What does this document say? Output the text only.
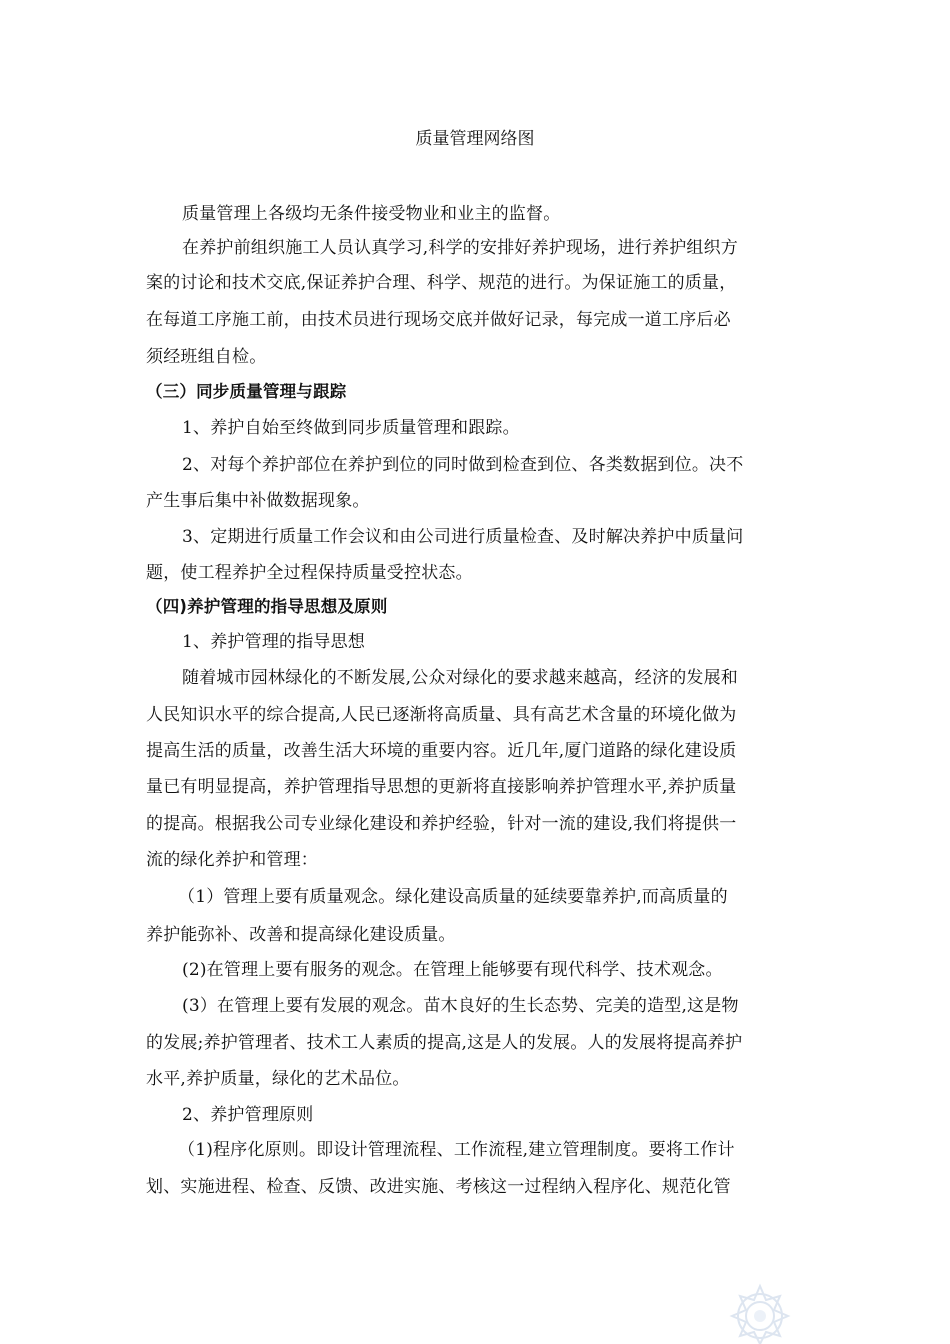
质量管理网络图
质量管理上各级均无条件接受物业和业主的监督。
在养护前组织施工人员认真学习,科学的安排好养护现场，进行养护组织方
案的讨论和技术交底,保证养护合理、科学、规范的进行。为保证施工的质量，
在每道工序施工前，由技术员进行现场交底并做好记录，每完成一道工序后必
须经班组自检。
（三）同步质量管理与跟踪
1、养护自始至终做到同步质量管理和跟踪。
2、对每个养护部位在养护到位的同时做到检查到位、各类数据到位。决不
产生事后集中补做数据现象。
3、定期进行质量工作会议和由公司进行质量检查、及时解决养护中质量问
题，使工程养护全过程保持质量受控状态。
（四)养护管理的指导思想及原则
1、养护管理的指导思想
随着城市园林绿化的不断发展,公众对绿化的要求越来越高，经济的发展和
人民知识水平的综合提高,人民已逐渐将高质量、具有高艺术含量的环境化做为
提高生活的质量，改善生活大环境的重要内容。近几年,厦门道路的绿化建设质
量已有明显提高，养护管理指导思想的更新将直接影响养护管理水平,养护质量
的提高。根据我公司专业绿化建设和养护经验，针对一流的建设,我们将提供一
流的绿化养护和管理：
（1）管理上要有质量观念。绿化建设高质量的延续要靠养护,而高质量的
养护能弥补、改善和提高绿化建设质量。
(2)在管理上要有服务的观念。在管理上能够要有现代科学、技术观念。
(3）在管理上要有发展的观念。苗木良好的生长态势、完美的造型,这是物
的发展;养护管理者、技术工人素质的提高,这是人的发展。人的发展将提高养护
水平,养护质量，绿化的艺术品位。
2、养护管理原则
（1)程序化原则。即设计管理流程、工作流程,建立管理制度。要将工作计
划、实施进程、检查、反馈、改进实施、考核这一过程纳入程序化、规范化管
